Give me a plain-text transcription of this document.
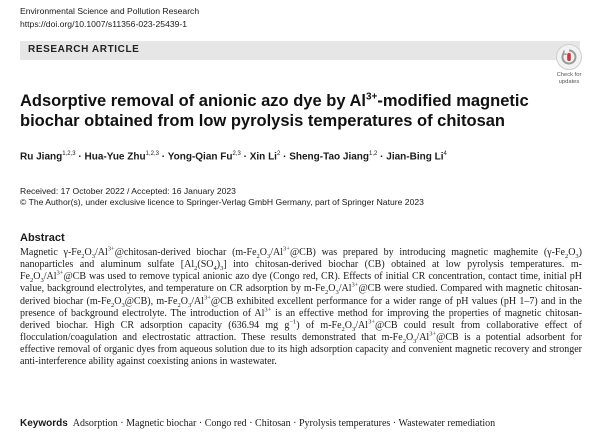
Environmental Science and Pollution Research
https://doi.org/10.1007/s11356-023-25439-1
RESEARCH ARTICLE
Check for
updates
Adsorptive removal of anionic azo dye by $Al^{3+}$-modified magnetic biochar obtained from low pyrolysis temperatures of chitosan
Ru Jiang$^{1,2,3}$ · Hua-Yue Zhu$^{1,2,3}$ · Yong-Qian Fu$^{2,3}$ · Xin $Li^2$ · Sheng-Tao Jiang$^{1,2}$ · Jian-Bing Li$^4$
Received: 17 October 2022 / Accepted: 16 January 2023
© The Author(s), under exclusive licence to Springer-Verlag GmbH Germany, part of Springer Nature 2023
Abstract
Magnetic $\gamma-Fe_2O_3/Al^{3+}@chitosan$-derived biochar $(m-Fe_2O_3/Al^{3+}@CB)$ was prepared by introducing magnetic maghemite $(\gamma-Fe_2O_3)$ nanoparticles and aluminum sulfate $[Al_2(SO_4)_3]$ into chitosan-derived biochar (CB) obtained at low pyrolysis temperatures. $m-Fe_2O_3/Al^{3+}@CB$ was used to remove typical anionic azo dye (Congo red, CR). Effects of initial CR concentration, contact time, initial pH value, background electrolytes, and temperature on CR adsorption by $m-Fe_2O_3/Al^{3+}@CB$ were studied. Compared with magnetic chitosan-derived biochar $(m-Fe_2O_3@CB)$, $m-Fe_2O_3/Al^{3+}@CB$ exhibited excellent performance for a wider range of pH values (pH 1–7) and in the presence of background electrolyte. The introduction of $Al^{3+}$ is an effective method for improving the properties of magnetic chitosan-derived biochar. High CR adsorption capacity (636.94 mg $g^{-1}$) of $m-Fe_2O_3/Al^{3+}@CB$ could result from collaborative effect of flocculation/coagulation and electrostatic attraction. These results demonstrated that $m-Fe_2O_3/Al^{3+}@CB$ is a potential adsorbent for effective removal of organic dyes from aqueous solution due to its high adsorption capacity and convenient magnetic recovery and stronger anti-interference ability against coexisting anions in wastewater.
Keywords Adsorption · Magnetic biochar · Congo red · Chitosan · Pyrolysis temperatures · Wastewater remediation
